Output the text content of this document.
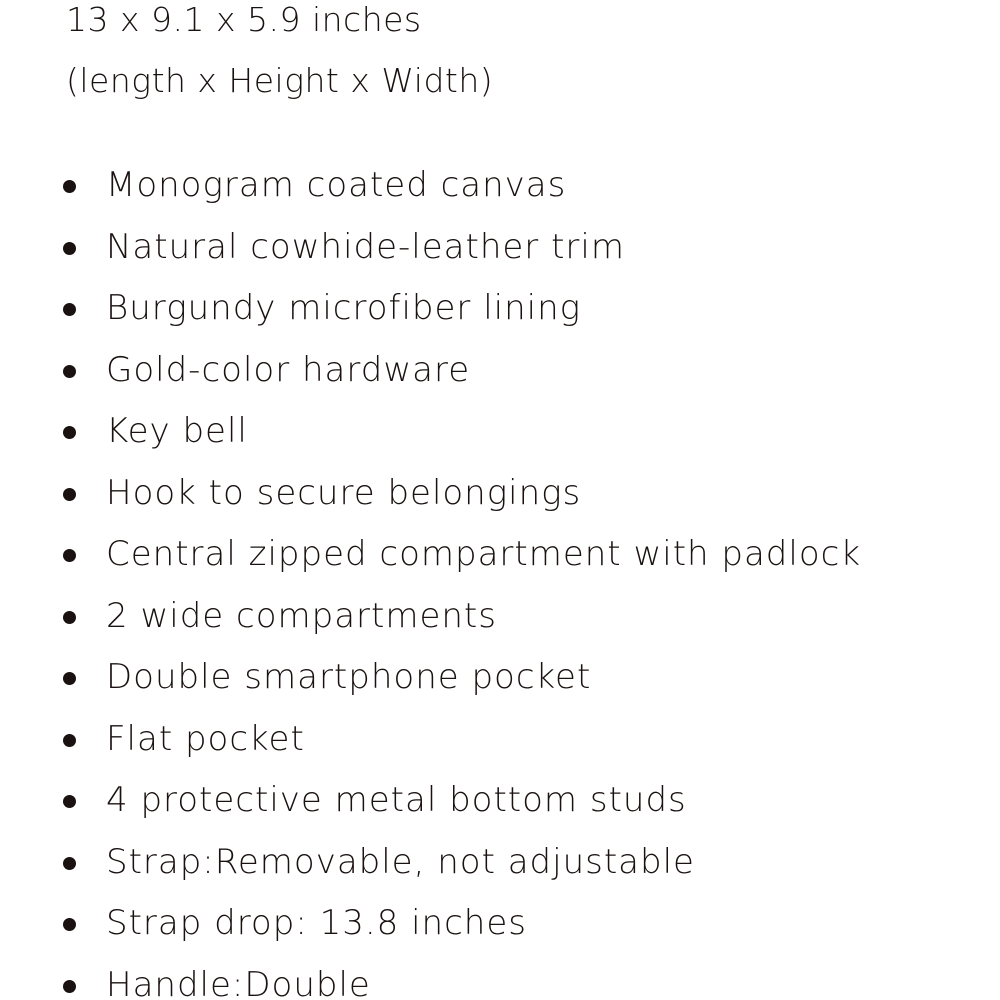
13 x 9.1 x 5.9 inches
(length x Height x Width)
Monogram coated canvas
Natural cowhide-leather trim
Burgundy microfiber lining
Gold-color hardware
Key bell
Hook to secure belongings
Central zipped compartment with padlock
2 wide compartments
Double smartphone pocket
Flat pocket
4 protective metal bottom studs
Strap:Removable, not adjustable
Strap drop: 13.8 inches
Handle:Double
